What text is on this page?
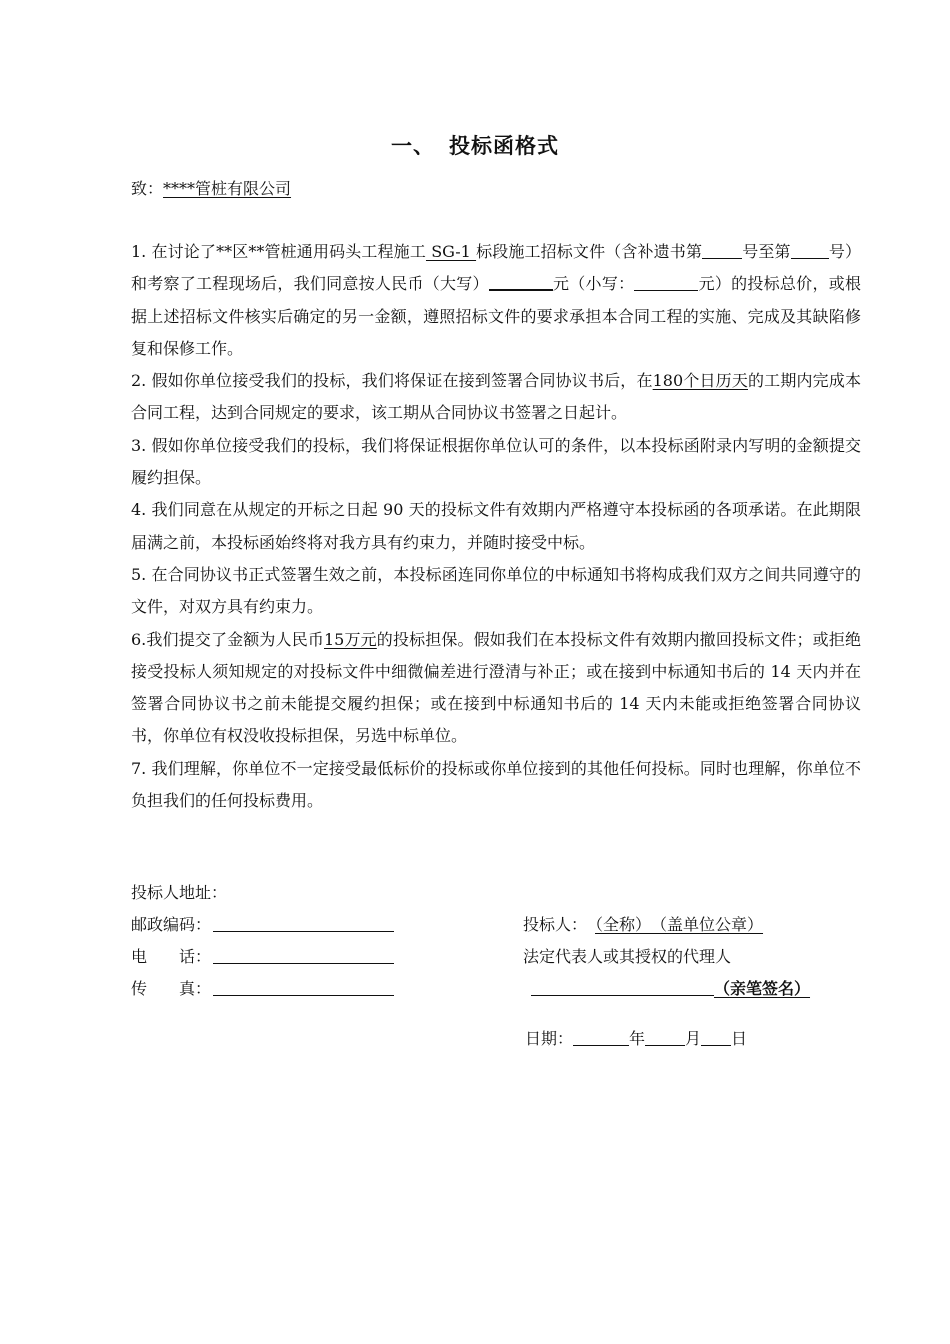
一、 投标函格式
致：****管桩有限公司

1. 在讨论了**区**管桩通用码头工程施工 SG-1 标段施工招标文件（含补遗书第	号至第 号）和考察了工程现场后，我们同意按人民币（大写）	元（小写：	元）的投标总价，或根据上述招标文件核实后确定的另一金额，遵照招标文件的要求承担本合同工程的实施、完成及其缺陷修复和保修工作。

2. 假如你单位接受我们的投标，我们将保证在接到签署合同协议书后，在180个日历天的工期内完成本合同工程，达到合同规定的要求，该工期从合同协议书签署之日起计。

3. 假如你单位接受我们的投标，我们将保证根据你单位认可的条件，以本投标函附录内写明的金额提交履约担保。

4. 我们同意在从规定的开标之日起 90 天的投标文件有效期内严格遵守本投标函的各项承诺。在此期限届满之前，本投标函始终将对我方具有约束力，并随时接受中标。

5. 在合同协议书正式签署生效之前，本投标函连同你单位的中标通知书将构成我们双方之间共同遵守的文件，对双方具有约束力。

6.我们提交了金额为人民币15万元的投标担保。假如我们在本投标文件有效期内撤回投标文件；或拒绝接受投标人须知规定的对投标文件中细微偏差进行澄清与补正；或在接到中标通知书后的 14 天内并在签署合同协议书之前未能提交履约担保；或在接到中标通知书后的 14 天内未能或拒绝签署合同协议书，你单位有权没收投标担保，另选中标单位。

7. 我们理解，你单位不一定接受最低标价的投标或你单位接到的其他任何投标。同时也理解，你单位不负担我们的任何投标费用。

投标人地址：
邮政编码：
电　　话：
传　　真：
投标人： （全称）　（盖单位公章）
法定代表人或其授权的代理人
（亲笔签名）
日期：	年	月 日
